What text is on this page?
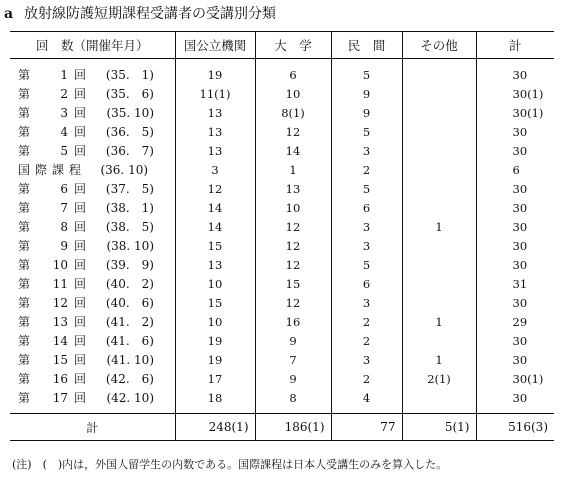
a 放射線防護短期課程受講者の受講別分類
回　数（開催年月）	国公立機関	大　学	民　間	その他	計
第 1 回 (35.　1)	19	6	5		30
第 2 回 (35.　6)	11(1)	10	9		30(1)
第 3 回 (35. 10)	13	8(1)	9		30(1)
第 4 回 (36.　5)	13	12	5		30
第 5 回 (36.　7)	13	14	3		30
国際課程 (36. 10)	3	1	2		6
第 6 回 (37.　5)	12	13	5		30
第 7 回 (38.　1)	14	10	6		30
第 8 回 (38.　5)	14	12	3	1	30
第 9 回 (38. 10)	15	12	3		30
第 10 回 (39.　9)	13	12	5		30
第 11 回 (40.　2)	10	15	6		31
第 12 回 (40.　6)	15	12	3		30
第 13 回 (41.　2)	10	16	2	1	29
第 14 回 (41.　6)	19	9	2		30
第 15 回 (41. 10)	19	7	3	1	30
第 16 回 (42.　6)	17	9	2	2(1)	30(1)
第 17 回 (42. 10)	18	8	4		30
計	248(1)	186(1)	77	5(1)	516(3)
(注)　(　)内は，外国人留学生の内数である。国際課程は日本人受講生のみを算入した。
